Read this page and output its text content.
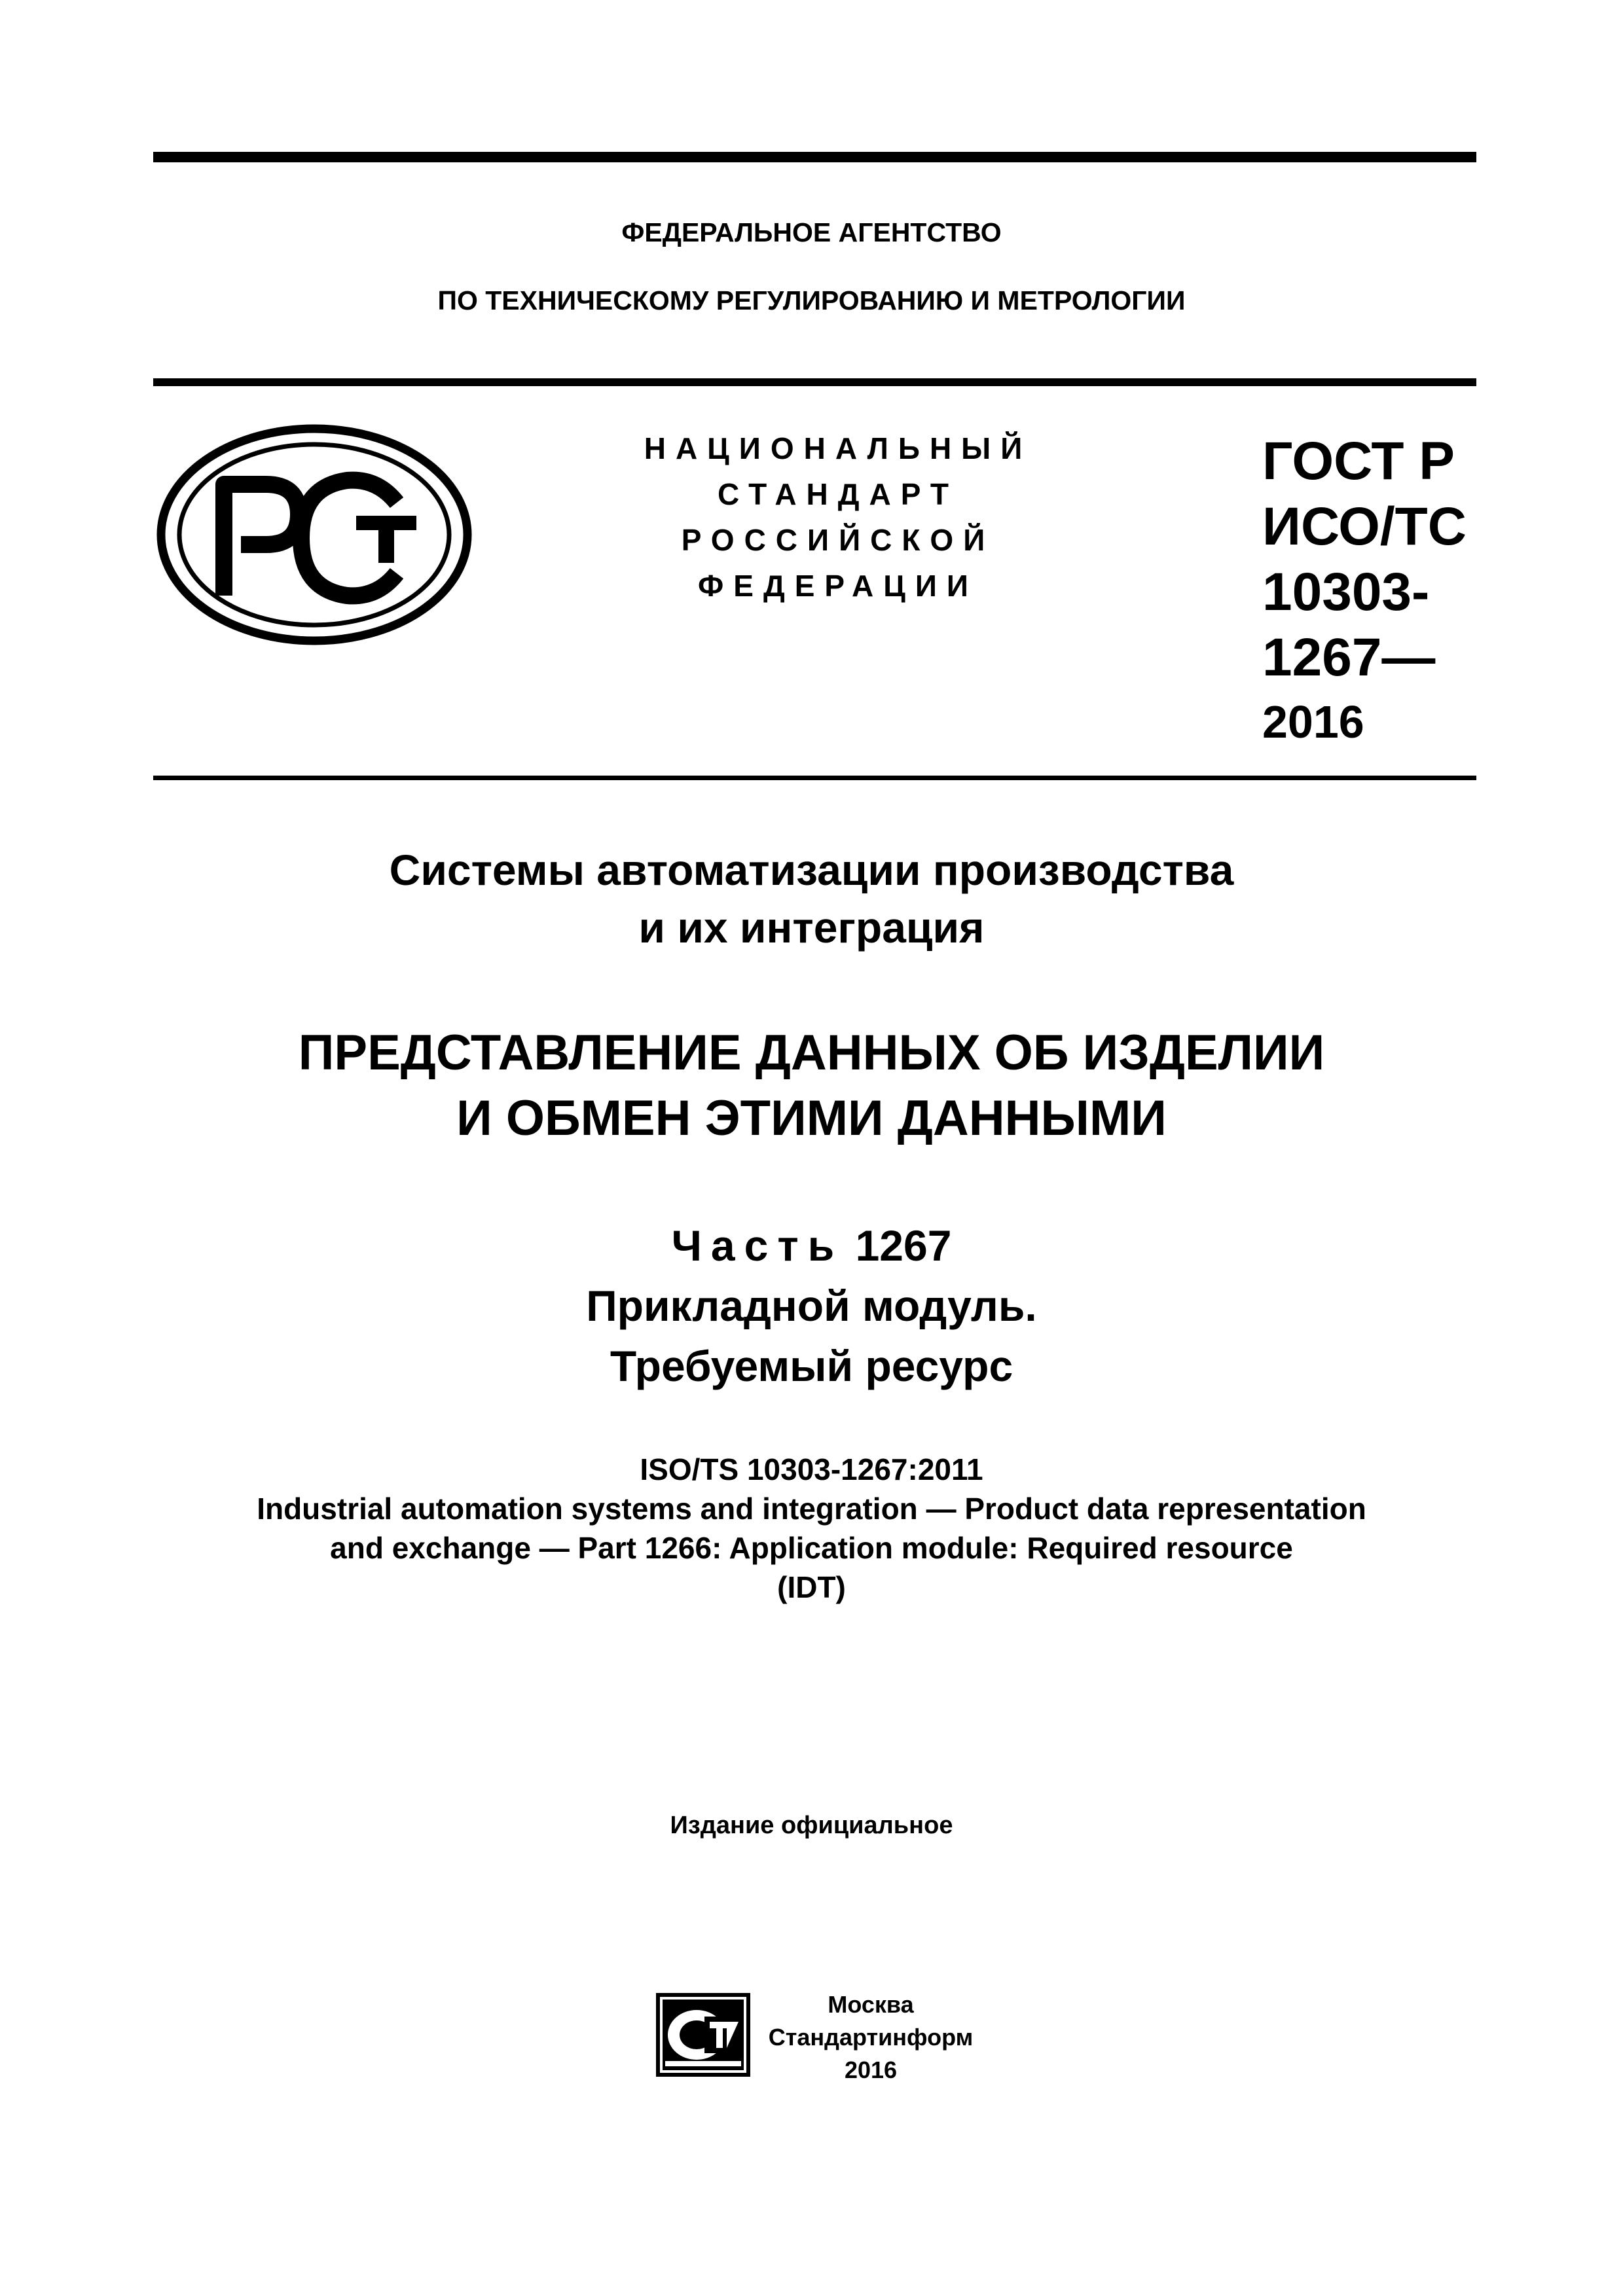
ФЕДЕРАЛЬНОЕ АГЕНТСТВО
ПО ТЕХНИЧЕСКОМУ РЕГУЛИРОВАНИЮ И МЕТРОЛОГИИ
НАЦИОНАЛЬНЫЙ
СТАНДАРТ
РОССИЙСКОЙ
ФЕДЕРАЦИИ
ГОСТ Р
ИСО/ТС
10303-
1267—
2016
Системы автоматизации производства
и их интеграция
ПРЕДСТАВЛЕНИЕ ДАННЫХ ОБ ИЗДЕЛИИ
И ОБМЕН ЭТИМИ ДАННЫМИ
Часть 1267
Прикладной модуль.
Требуемый ресурс
ISO/TS 10303-1267:2011
Industrial automation systems and integration — Product data representation
and exchange — Part 1266: Application module: Required resource
(IDT)
Издание официальное
Москва
Стандартинформ
2016
